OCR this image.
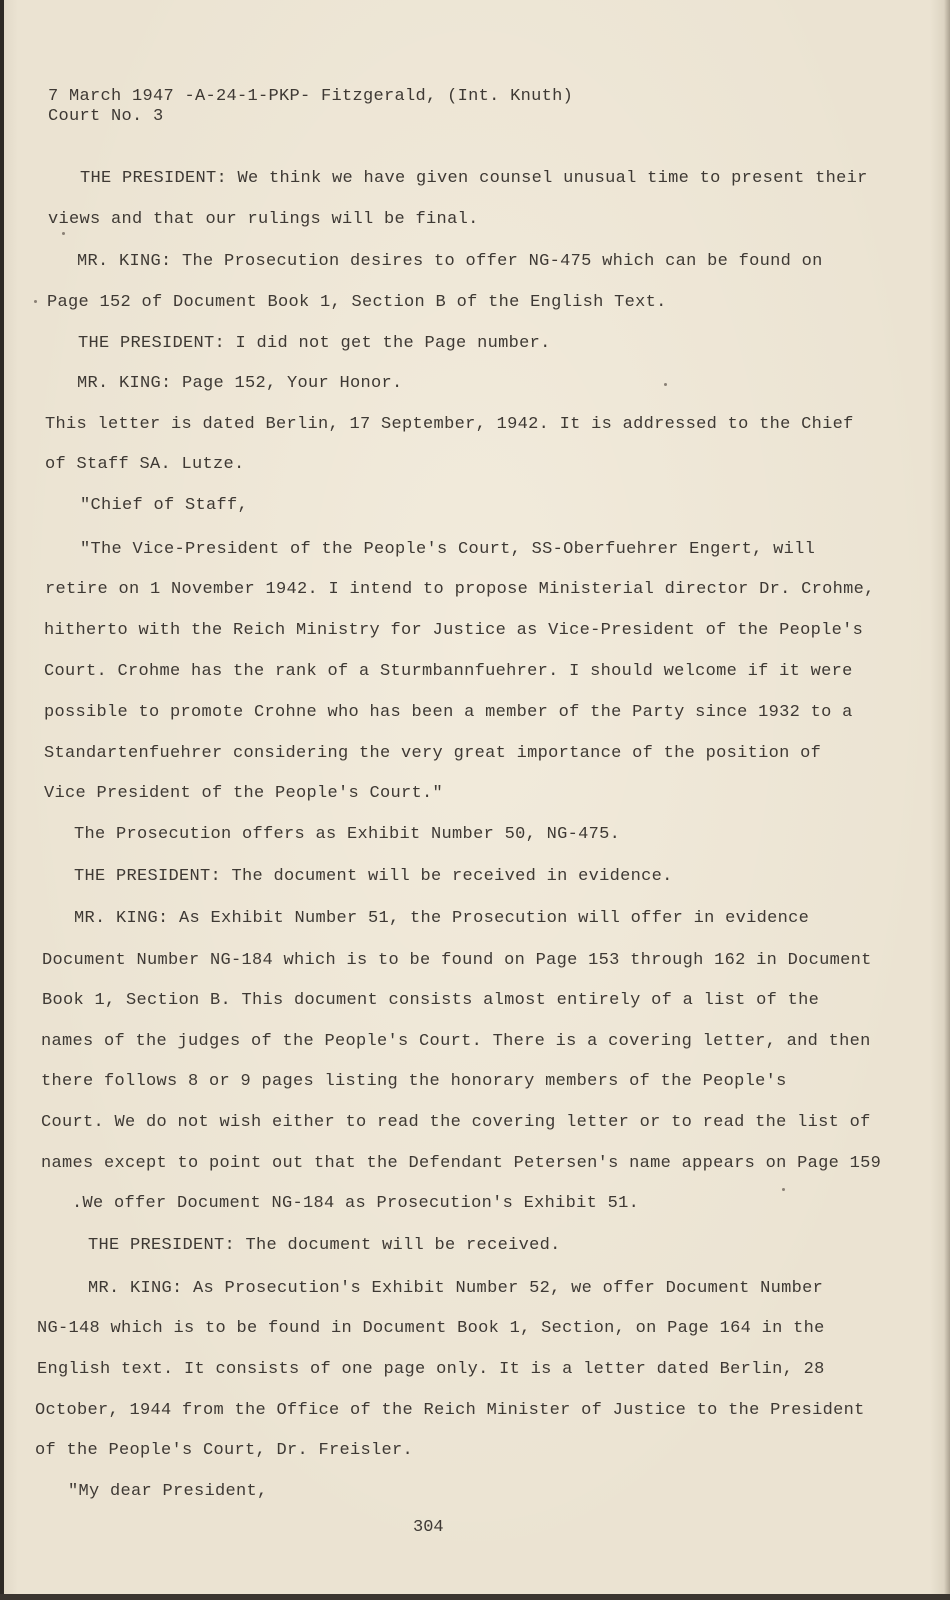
7 March 1947 -A-24-1-PKP- Fitzgerald, (Int. Knuth)
Court No. 3
THE PRESIDENT: We think we have given counsel unusual time to present their
views and that our rulings will be final.
MR. KING: The Prosecution desires to offer NG-475 which can be found on
Page 152 of Document Book 1, Section B of the English Text.
THE PRESIDENT: I did not get the Page number.
MR. KING: Page 152, Your Honor.
This letter is dated Berlin, 17 September, 1942. It is addressed to the Chief
of Staff SA. Lutze.
"Chief of Staff,
"The Vice-President of the People's Court, SS-Oberfuehrer Engert, will
retire on 1 November 1942. I intend to propose Ministerial director Dr. Crohme,
hitherto with the Reich Ministry for Justice as Vice-President of the People's
Court. Crohme has the rank of a Sturmbannfuehrer. I should welcome if it were
possible to promote Crohne who has been a member of the Party since 1932 to a
Standartenfuehrer considering the very great importance of the position of
Vice President of the People's Court."
The Prosecution offers as Exhibit Number 50, NG-475.
THE PRESIDENT: The document will be received in evidence.
MR. KING: As Exhibit Number 51, the Prosecution will offer in evidence
Document Number NG-184 which is to be found on Page 153 through 162 in Document
Book 1, Section B. This document consists almost entirely of a list of the
names of the judges of the People's Court. There is a covering letter, and then
there follows 8 or 9 pages listing the honorary members of the People's
Court. We do not wish either to read the covering letter or to read the list of
names except to point out that the Defendant Petersen's name appears on Page 159
.We offer Document NG-184 as Prosecution's Exhibit 51.
THE PRESIDENT: The document will be received.
MR. KING: As Prosecution's Exhibit Number 52, we offer Document Number
NG-148 which is to be found in Document Book 1, Section, on Page 164 in the
English text. It consists of one page only. It is a letter dated Berlin, 28
October, 1944 from the Office of the Reich Minister of Justice to the President
of the People's Court, Dr. Freisler.
"My dear President,
304
